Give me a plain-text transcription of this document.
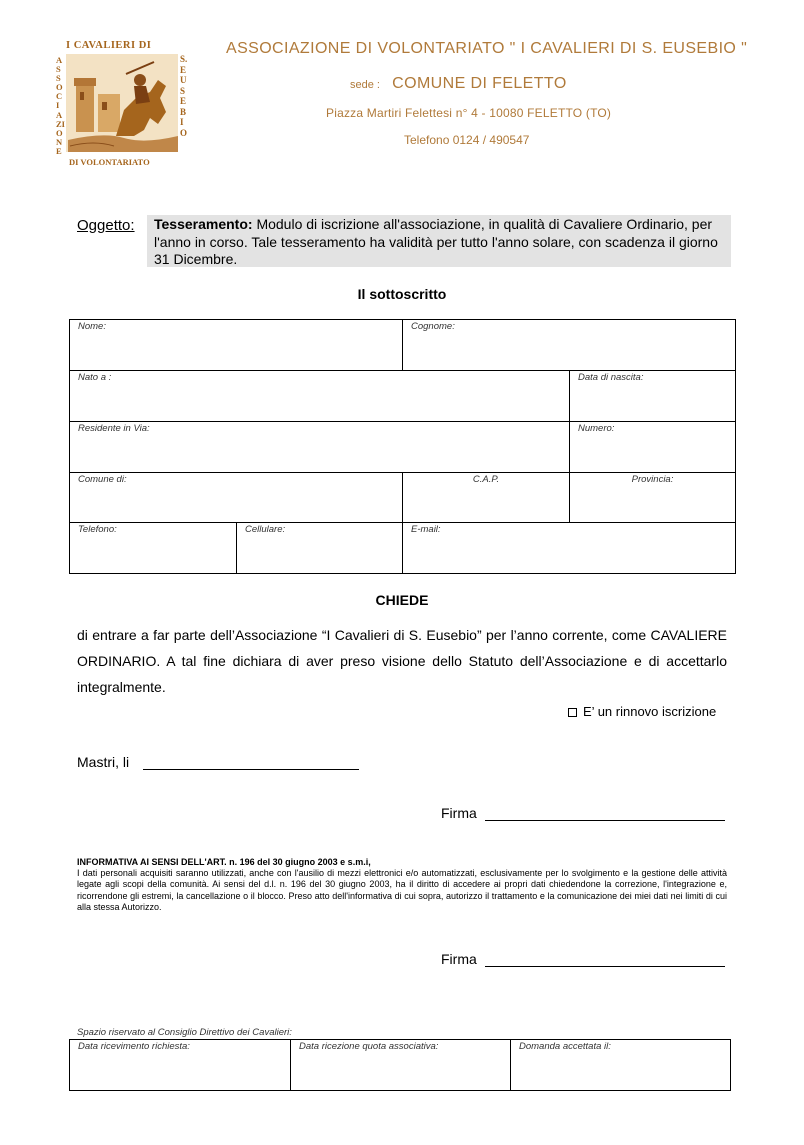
I CAVALIERI DI
ASSOCIAZIONE
S. EUSEBIO
DI VOLONTARIATO
ASSOCIAZIONE DI VOLONTARIATO " I CAVALIERI DI S. EUSEBIO "
sede : COMUNE DI FELETTO
Piazza Martiri Felettesi n° 4 - 10080 FELETTO (TO)
Telefono 0124 / 490547
Oggetto:	Tesseramento: Modulo di iscrizione all'associazione, in qualità di Cavaliere Ordinario, per l'anno in corso. Tale tesseramento ha validità per tutto l'anno solare, con scadenza il giorno 31 Dicembre.
Il sottoscritto
Nome:	Cognome:
Nato a :	Data di nascita:
Residente in Via:	Numero:
Comune di:	C.A.P.	Provincia:
Telefono:	Cellulare:	E-mail:
CHIEDE
di entrare a far parte dell’Associazione “I Cavalieri di S. Eusebio” per l’anno corrente, come CAVALIERE ORDINARIO. A tal fine dichiara di aver preso visione dello Statuto dell’Associazione e di accettarlo integralmente.
E’ un rinnovo iscrizione
Mastri, li
Firma
INFORMATIVA AI SENSI DELL'ART. n. 196 del 30 giugno 2003 e s.m.i,
I dati personali acquisiti saranno utilizzati, anche con l'ausilio di mezzi elettronici e/o automatizzati, esclusivamente per lo svolgimento e la gestione delle attività legate agli scopi della comunità. Ai sensi del d.l. n. 196 del 30 giugno 2003, ha il diritto di accedere ai propri dati chiedendone la correzione, l'integrazione e, ricorrendone gli estremi, la cancellazione o il blocco. Preso atto dell'informativa di cui sopra, autorizzo il trattamento e la comunicazione dei miei dati nei limiti di cui alla stessa Autorizzo.
Firma
Spazio riservato al Consiglio Direttivo dei Cavalieri:
Data ricevimento richiesta:	Data ricezione quota associativa:	Domanda accettata il:
